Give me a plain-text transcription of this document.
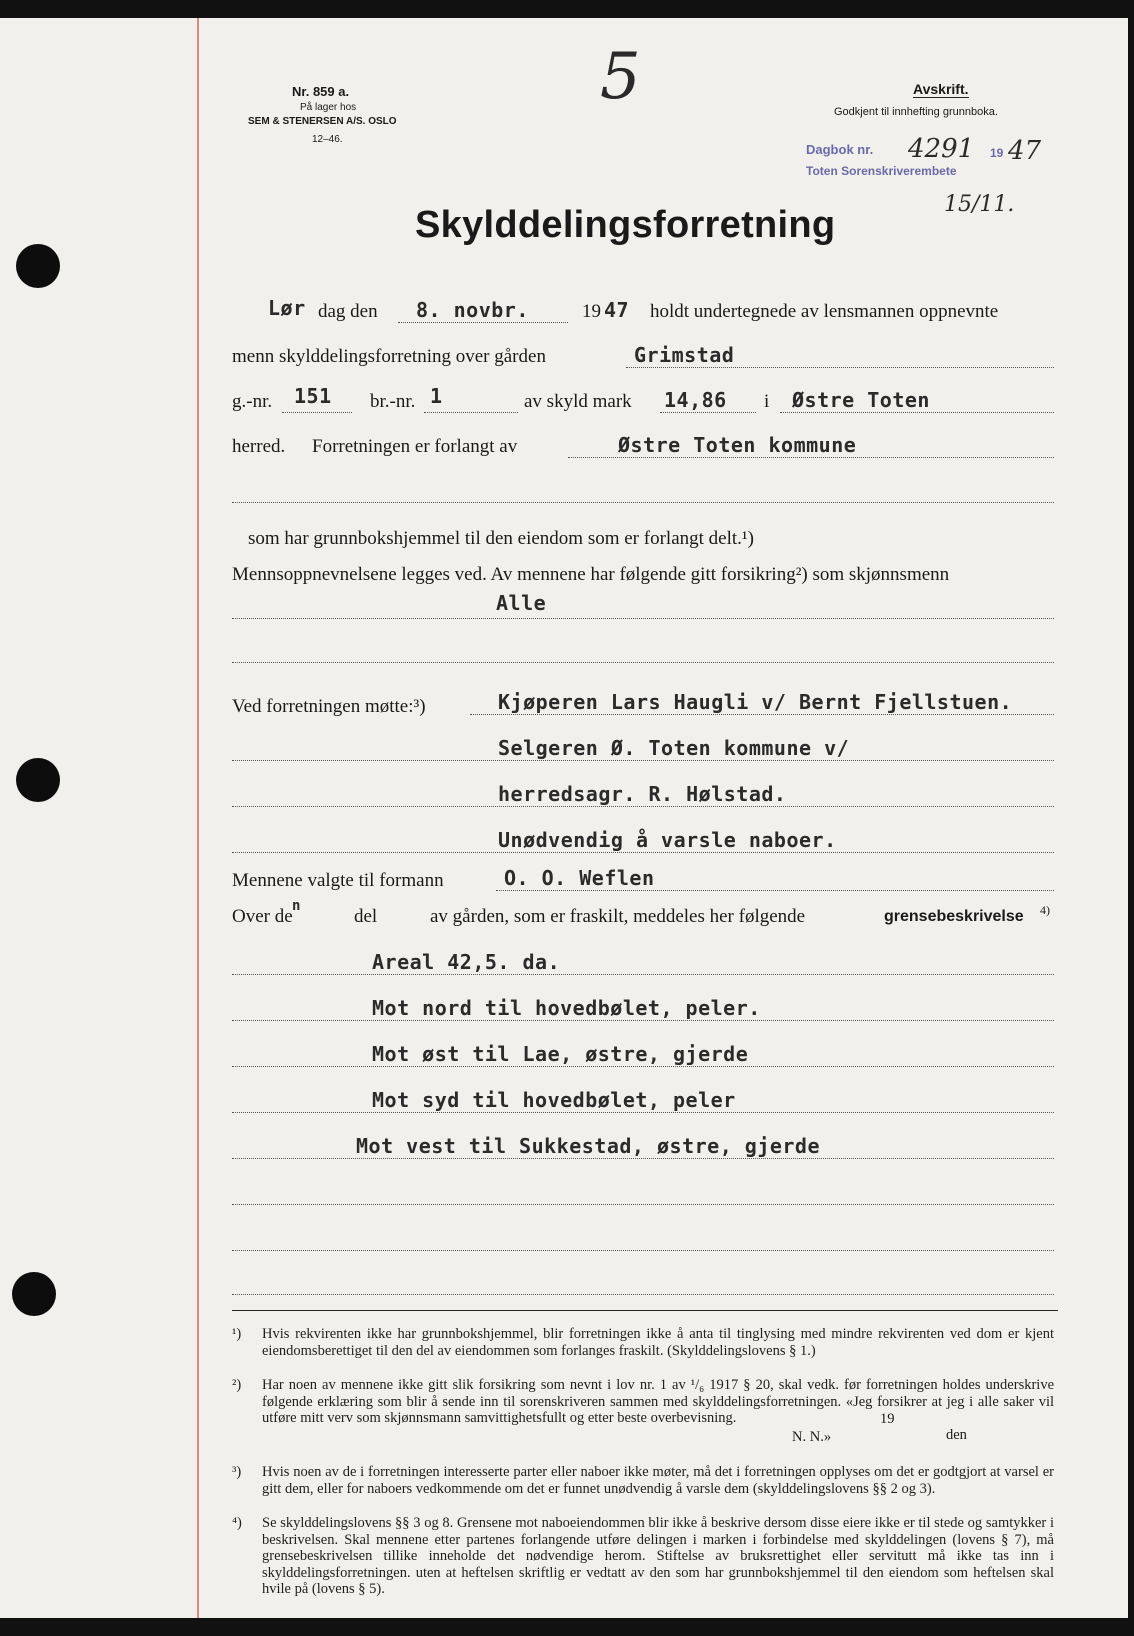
Nr. 859 a.
På lager hos
SEM & STENERSEN A/S. OSLO
12–46.
5	Avskrift.
Godkjent til innhefting grunnboka.
Dagbok nr. 4291 19 47
Toten Sorenskriverembete
15/11.
Skylddelingsforretning
Lør dag den 8. novbr.	19 47 holdt undertegnede av lensmannen oppnevnte
menn skylddelingsforretning over gården	Grimstad
g.-nr. 151 br.-nr. 1	av skyld mark 14,86 i Østre Toten
herred. Forretningen er forlangt av	Østre Toten kommune
som har grunnbokshjemmel til den eiendom som er forlangt delt.¹)
Mennsoppnevnelsene legges ved. Av mennene har følgende gitt forsikring²) som skjønnsmenn
Alle
Ved forretningen møtte:³)	Kjøperen Lars Haugli v/ Bernt Fjellstuen.
Selgeren Ø. Toten kommune v/
herredsagr. R. Hølstad.
Unødvendig å varsle naboer.
Mennene valgte til formann	O. O. Weflen
Over de n	del	av gården, som er fraskilt, meddeles her følgende	grensebeskrivelse 4)
Areal 42,5. da.
Mot nord til hovedbølet, peler.
Mot øst til Lae, østre, gjerde
Mot syd til hovedbølet, peler
Mot vest til Sukkestad, østre, gjerde
¹) Hvis rekvirenten ikke har grunnbokshjemmel, blir forretningen ikke å anta til tinglysing med mindre rekvirenten ved dom er kjent eiendomsberettiget til den del av eiendommen som forlanges fraskilt. (Skylddelingslovens § 1.)
²) Har noen av mennene ikke gitt slik forsikring som nevnt i lov nr. 1 av ¹/₆ 1917 § 20, skal vedk. før forretningen holdes underskrive følgende erklæring som blir å sende inn til sorenskriveren sammen med skylddelingsforretningen. «Jeg forsikrer at jeg i alle saker vil utføre mitt verv som skjønnsmann samvittighetsfullt og etter beste overbevisning.
den
19
N. N.»
³) Hvis noen av de i forretningen interesserte parter eller naboer ikke møter, må det i forretningen opplyses om det er godtgjort at varsel er gitt dem, eller for naboers vedkommende om det er funnet unødvendig å varsle dem (skylddelingslovens §§ 2 og 3).
⁴) Se skylddelingslovens §§ 3 og 8. Grensene mot naboeiendommen blir ikke å beskrive dersom disse eiere ikke er til stede og samtykker i beskrivelsen. Skal mennene etter partenes forlangende utføre delingen i marken i forbindelse med skylddelingen (lovens § 7), må grensebeskrivelsen tillike inneholde det nødvendige herom. Stiftelse av bruksrettighet eller servitutt må ikke tas inn i skylddelingsforretningen. uten at heftelsen skriftlig er vedtatt av den som har grunnbokshjemmel til den eiendom som heftelsen skal hvile på (lovens § 5).
